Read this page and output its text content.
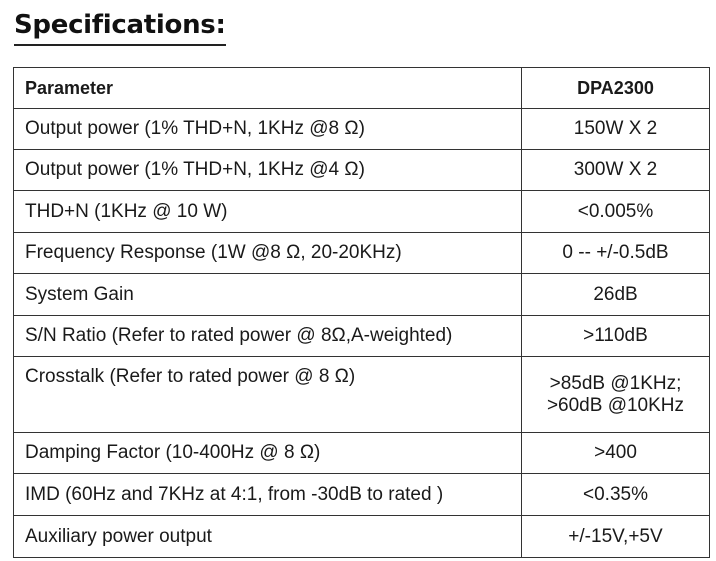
Specifications:
Parameter	DPA2300
Output power (1% THD+N, 1KHz @8 Ω)	150W X 2
Output power (1% THD+N, 1KHz @4 Ω)	300W X 2
THD+N (1KHz @ 10 W)	<0.005%
Frequency Response (1W @8 Ω, 20-20KHz)	0 -- +/-0.5dB
System Gain	26dB
S/N Ratio (Refer to rated power @ 8Ω,A-weighted)	>110dB
Crosstalk (Refer to rated power @ 8 Ω)	>85dB @1KHz;
>60dB @10KHz

Damping Factor (10-400Hz @ 8 Ω)	>400
IMD (60Hz and 7KHz at 4:1, from -30dB to rated )	<0.35%
Auxiliary power output	+/-15V,+5V
